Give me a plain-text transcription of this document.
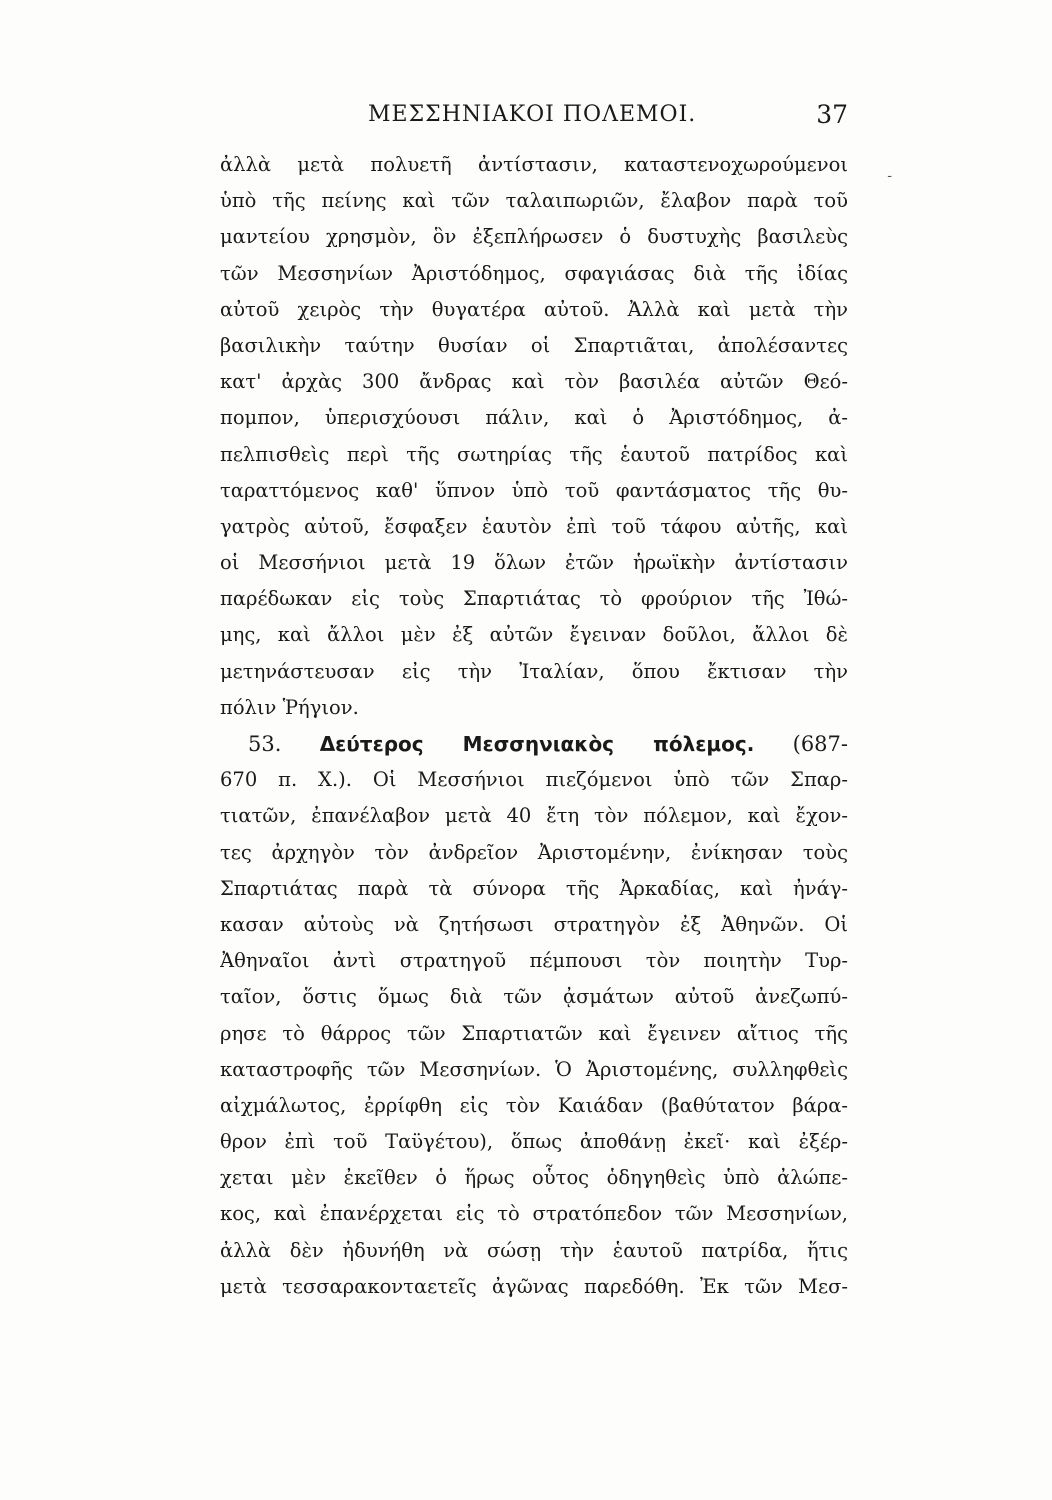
ΜΕΣΣΗΝΙΑΚΟΙ ΠΟΛΕΜΟΙ.	37
ἀλλὰ μετὰ πολυετῆ ἀντίστασιν, καταστενοχωρούμενοι
ὑπὸ τῆς πείνης καὶ τῶν ταλαιπωριῶν, ἔλαβον παρὰ τοῦ
μαντείου χρησμὸν, ὃν ἐξεπλήρωσεν ὁ δυστυχὴς βασιλεὺς
τῶν Μεσσηνίων Ἀριστόδημος, σφαγιάσας διὰ τῆς ἰδίας
αὐτοῦ χειρὸς τὴν θυγατέρα αὐτοῦ. Ἀλλὰ καὶ μετὰ τὴν
βασιλικὴν ταύτην θυσίαν οἱ Σπαρτιᾶται, ἀπολέσαντες
κατ' ἀρχὰς 300 ἄνδρας καὶ τὸν βασιλέα αὐτῶν Θεό-
πομπον, ὑπερισχύουσι πάλιν, καὶ ὁ Ἀριστόδημος, ἀ-
πελπισθεὶς περὶ τῆς σωτηρίας τῆς ἑαυτοῦ πατρίδος καὶ
ταραττόμενος καθ' ὕπνον ὑπὸ τοῦ φαντάσματος τῆς θυ-
γατρὸς αὐτοῦ, ἔσφαξεν ἑαυτὸν ἐπὶ τοῦ τάφου αὐτῆς, καὶ
οἱ Μεσσήνιοι μετὰ 19 ὅλων ἐτῶν ἡρωϊκὴν ἀντίστασιν
παρέδωκαν εἰς τοὺς Σπαρτιάτας τὸ φρούριον τῆς Ἰθώ-
μης, καὶ ἄλλοι μὲν ἐξ αὐτῶν ἔγειναν δοῦλοι, ἄλλοι δὲ
μετηνάστευσαν εἰς τὴν Ἰταλίαν, ὅπου ἔκτισαν τὴν
πόλιν Ῥήγιον.
53. Δεύτερος Μεσσηνιακὸς πόλεμος. (687-
670 π. Χ.). Οἱ Μεσσήνιοι πιεζόμενοι ὑπὸ τῶν Σπαρ-
τιατῶν, ἐπανέλαβον μετὰ 40 ἔτη τὸν πόλεμον, καὶ ἔχον-
τες ἀρχηγὸν τὸν ἀνδρεῖον Ἀριστομένην, ἐνίκησαν τοὺς
Σπαρτιάτας παρὰ τὰ σύνορα τῆς Ἀρκαδίας, καὶ ἠνάγ-
κασαν αὐτοὺς νὰ ζητήσωσι στρατηγὸν ἐξ Ἀθηνῶν. Οἱ
Ἀθηναῖοι ἀντὶ στρατηγοῦ πέμπουσι τὸν ποιητὴν Τυρ-
ταῖον, ὅστις ὅμως διὰ τῶν ᾀσμάτων αὐτοῦ ἀνεζωπύ-
ρησε τὸ θάρρος τῶν Σπαρτιατῶν καὶ ἔγεινεν αἴτιος τῆς
καταστροφῆς τῶν Μεσσηνίων. Ὁ Ἀριστομένης, συλληφθεὶς
αἰχμάλωτος, ἐρρίφθη εἰς τὸν Καιάδαν (βαθύτατον βάρα-
θρον ἐπὶ τοῦ Ταϋγέτου), ὅπως ἀποθάνῃ ἐκεῖ· καὶ ἐξέρ-
χεται μὲν ἐκεῖθεν ὁ ἥρως οὗτος ὁδηγηθεὶς ὑπὸ ἀλώπε-
κος, καὶ ἐπανέρχεται εἰς τὸ στρατόπεδον τῶν Μεσσηνίων,
ἀλλὰ δὲν ἠδυνήθη νὰ σώσῃ τὴν ἑαυτοῦ πατρίδα, ἥτις
μετὰ τεσσαρακονταετεῖς ἀγῶνας παρεδόθη. Ἐκ τῶν Μεσ-
-
